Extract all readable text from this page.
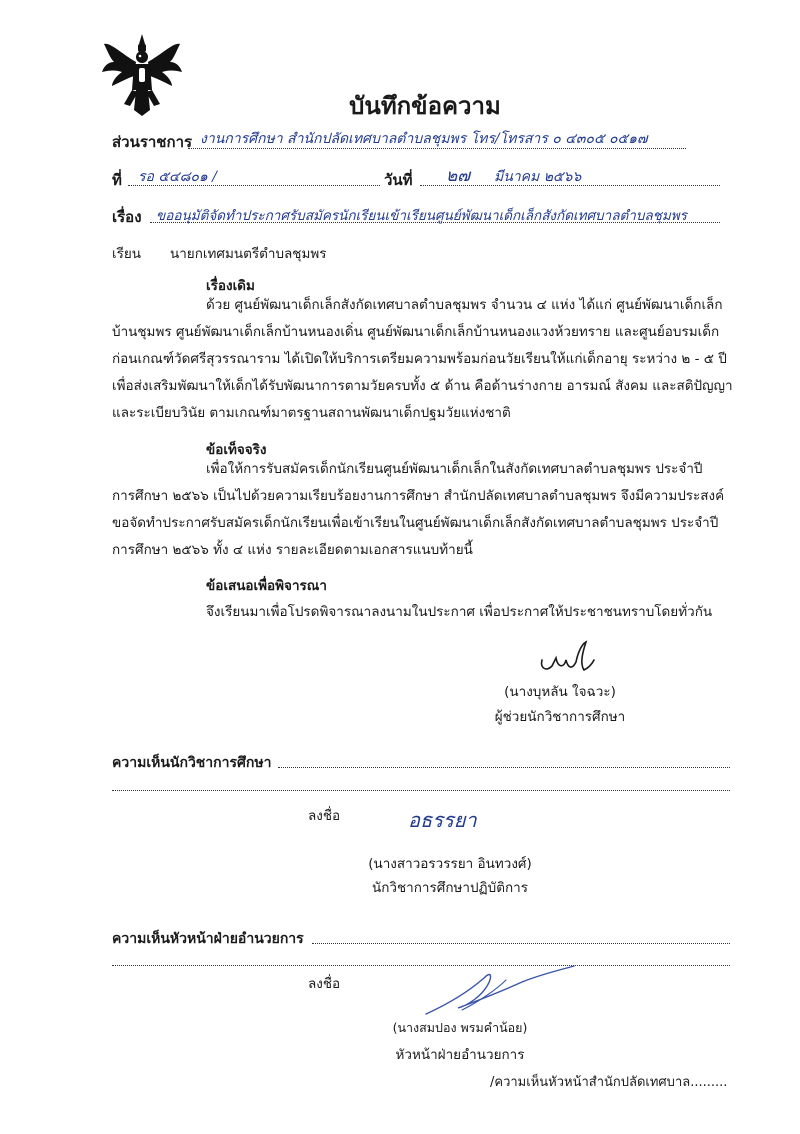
บันทึกข้อความ
ส่วนราชการ งานการศึกษา สำนักปลัดเทศบาลตำบลชุมพร โทร/โทรสาร ๐ ๔๓๐๕ ๐๕๑๗
ที่ รอ ๕๔๘๐๑ /	วันที่ ๒๗ มีนาคม ๒๕๖๖
เรื่อง ขออนุมัติจัดทำประกาศรับสมัครนักเรียนเข้าเรียนศูนย์พัฒนาเด็กเล็กสังกัดเทศบาลตำบลชุมพร
เรียน นายกเทศมนตรีตำบลชุมพร
เรื่องเดิม
ด้วย ศูนย์พัฒนาเด็กเล็กสังกัดเทศบาลตำบลชุมพร จำนวน ๔ แห่ง ได้แก่ ศูนย์พัฒนาเด็กเล็ก
บ้านชุมพร ศูนย์พัฒนาเด็กเล็กบ้านหนองเดิ่น ศูนย์พัฒนาเด็กเล็กบ้านหนองแวงห้วยทราย และศูนย์อบรมเด็ก
ก่อนเกณฑ์วัดศรีสุวรรณาราม ได้เปิดให้บริการเตรียมความพร้อมก่อนวัยเรียนให้แก่เด็กอายุ ระหว่าง ๒ - ๕ ปี
เพื่อส่งเสริมพัฒนาให้เด็กได้รับพัฒนาการตามวัยครบทั้ง ๕ ด้าน คือด้านร่างกาย อารมณ์ สังคม และสติปัญญา
และระเบียบวินัย ตามเกณฑ์มาตรฐานสถานพัฒนาเด็กปฐมวัยแห่งชาติ
ข้อเท็จจริง
เพื่อให้การรับสมัครเด็กนักเรียนศูนย์พัฒนาเด็กเล็กในสังกัดเทศบาลตำบลชุมพร ประจำปี
การศึกษา ๒๕๖๖ เป็นไปด้วยความเรียบร้อยงานการศึกษา สำนักปลัดเทศบาลตำบลชุมพร จึงมีความประสงค์
ขอจัดทำประกาศรับสมัครเด็กนักเรียนเพื่อเข้าเรียนในศูนย์พัฒนาเด็กเล็กสังกัดเทศบาลตำบลชุมพร ประจำปี
การศึกษา ๒๕๖๖ ทั้ง ๔ แห่ง รายละเอียดตามเอกสารแนบท้ายนี้
ข้อเสนอเพื่อพิจารณา
จึงเรียนมาเพื่อโปรดพิจารณาลงนามในประกาศ เพื่อประกาศให้ประชาชนทราบโดยทั่วกัน
(นางบุหลัน ใจฉวะ)
ผู้ช่วยนักวิชาการศึกษา
ความเห็นนักวิชาการศึกษา
ลงชื่อ	อธรรยา
(นางสาวอรวรรยา อินทวงศ์)
นักวิชาการศึกษาปฏิบัติการ
ความเห็นหัวหน้าฝ่ายอำนวยการ
ลงชื่อ
(นางสมปอง พรมคำน้อย)
หัวหน้าฝ่ายอำนวยการ
/ความเห็นหัวหน้าสำนักปลัดเทศบาล.........
